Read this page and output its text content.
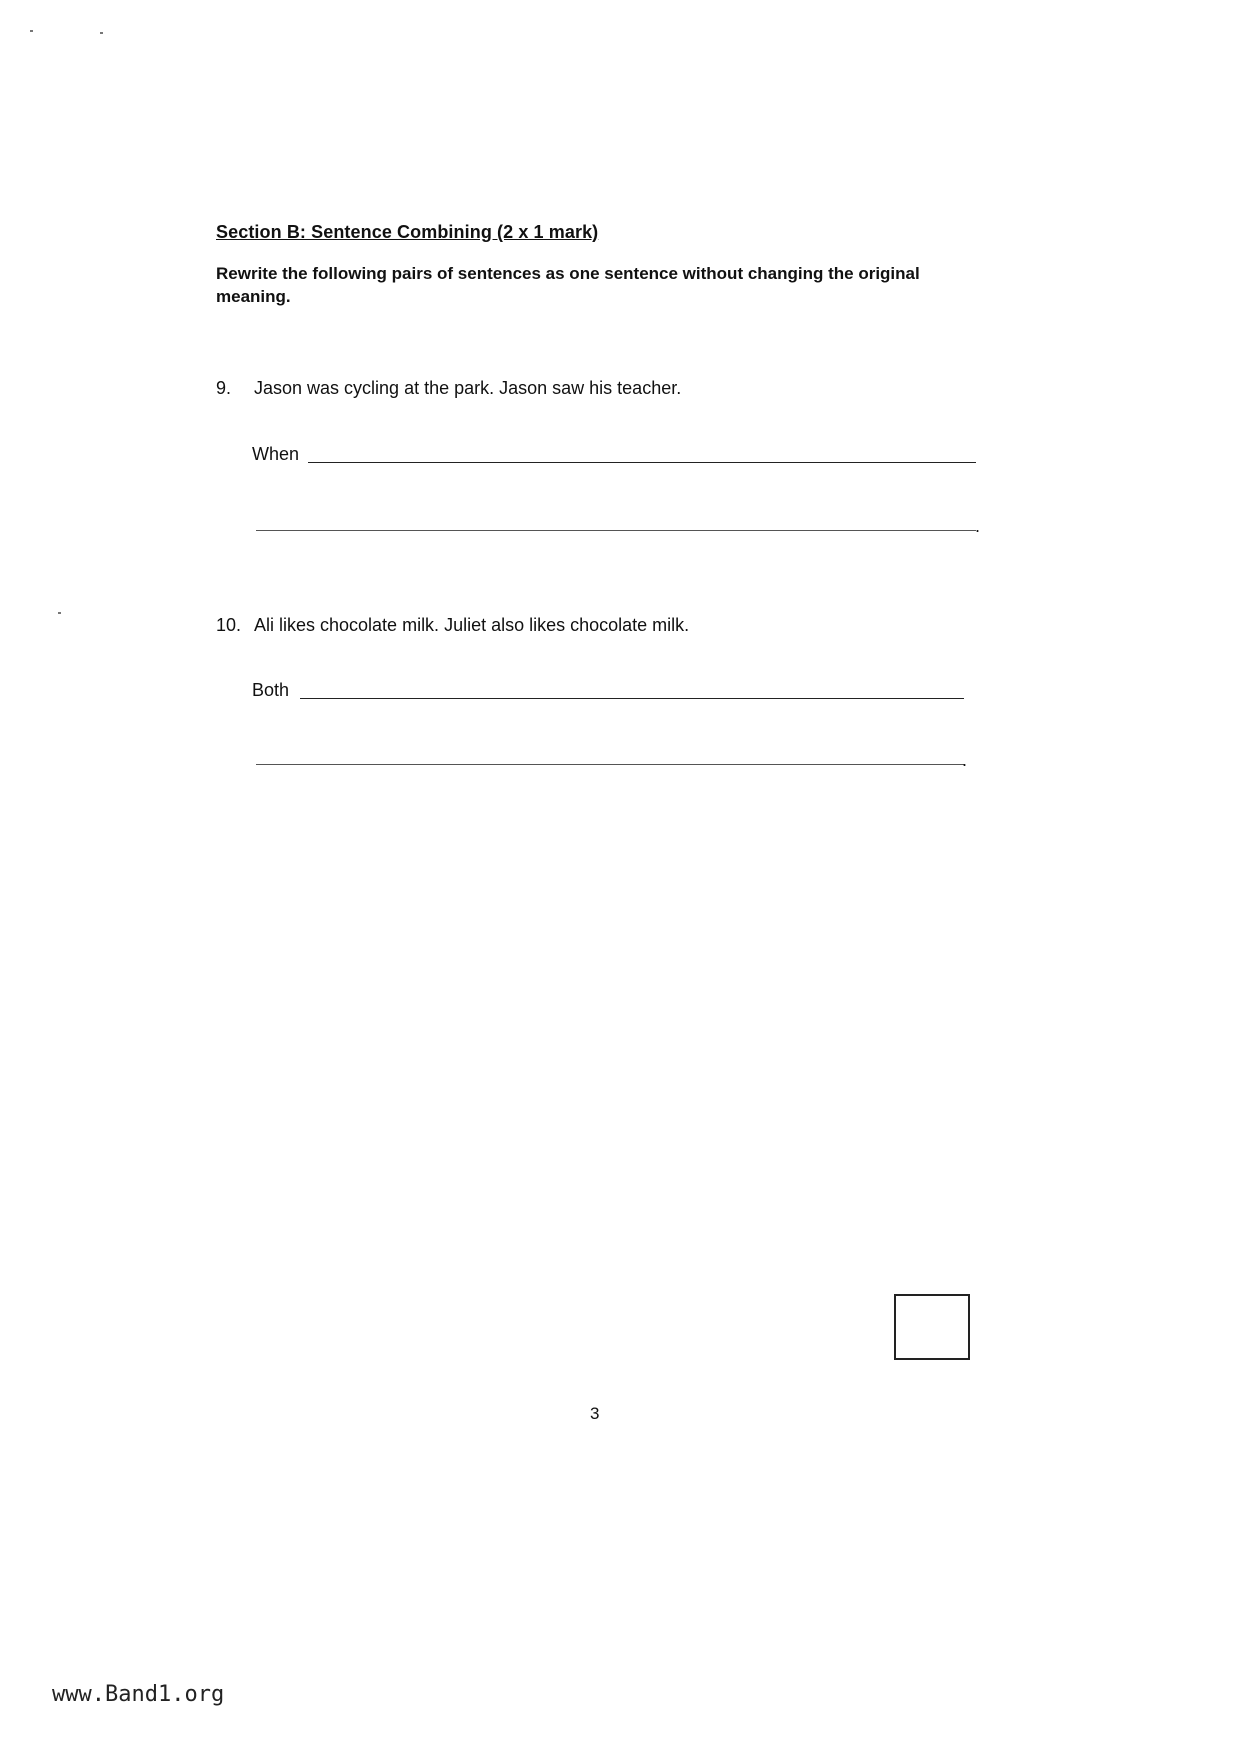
Section B: Sentence Combining (2 x 1 mark)
Rewrite the following pairs of sentences as one sentence without changing the original meaning.
9. Jason was cycling at the park. Jason saw his teacher.
When
.
10. Ali likes chocolate milk. Juliet also likes chocolate milk.
Both
.
3
www.Band1.org
